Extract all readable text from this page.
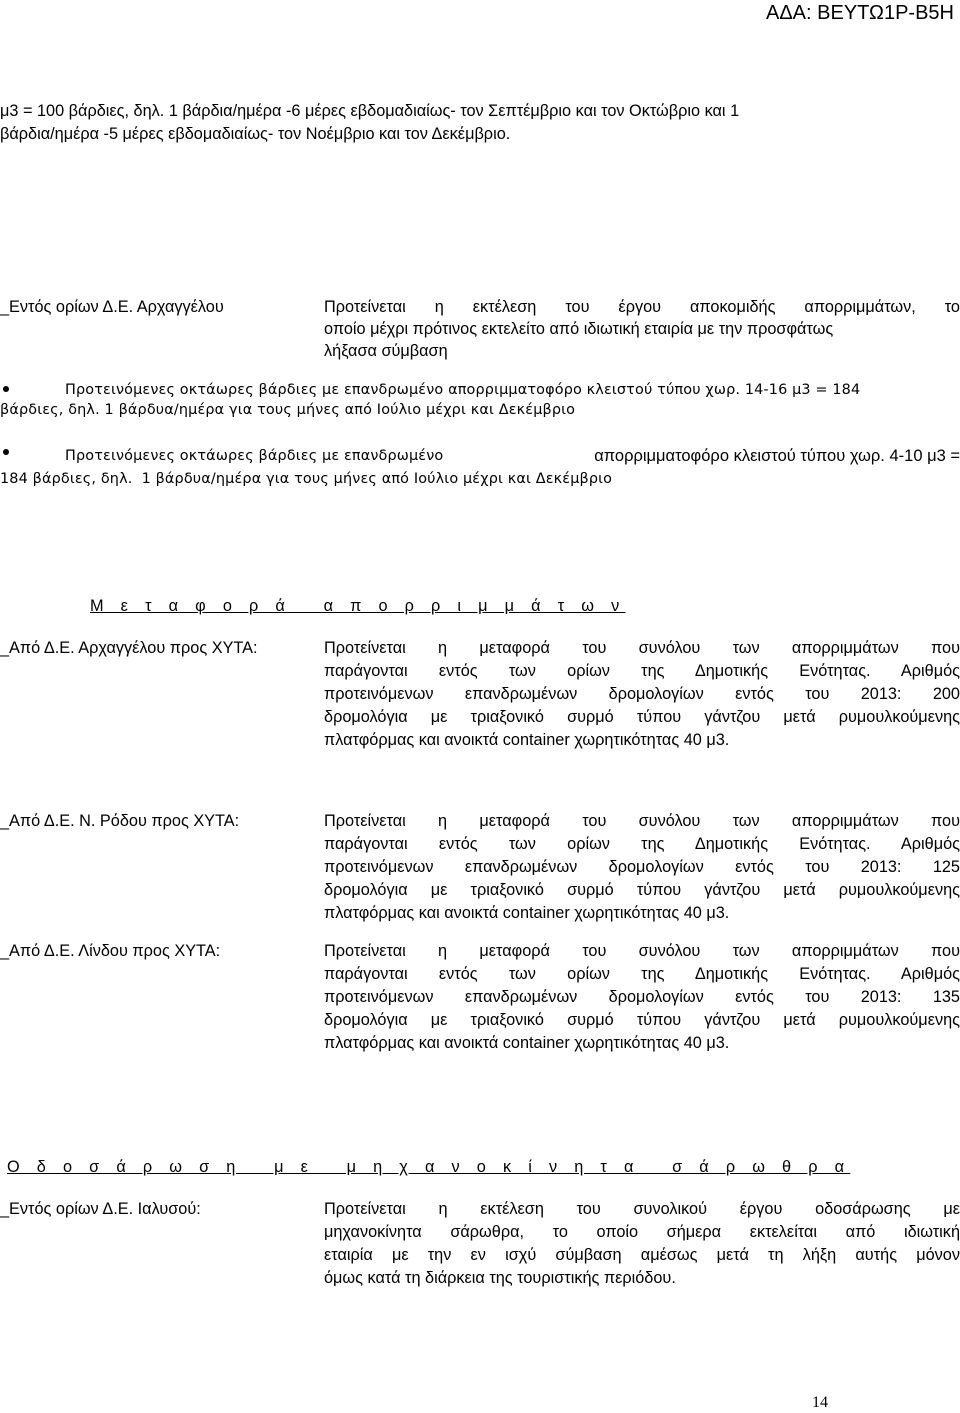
ΑΔΑ: ΒΕΥΤΩ1Ρ-Β5Η
μ3 = 100 βάρδιες, δηλ. 1 βάρδια/ημέρα -6 μέρες εβδομαδιαίως- τον Σεπτέμβριο και τον Οκτώβριο και 1
βάρδια/ημέρα -5 μέρες εβδομαδιαίως- τον Νοέμβριο και τον Δεκέμβριο.
_Εντός ορίων Δ.Ε. Αρχαγγέλου	Προτείνεται η εκτέλεση του έργου αποκομιδής απορριμμάτων, το
οποίο μέχρι πρότινος εκτελείτο από ιδιωτική εταιρία με την προσφάτως
λήξασα σύμβαση
Προτεινόμενες οκτάωρες βάρδιες με επανδρωμένο απορριμματοφόρο κλειστού τύπου χωρ. 14-16 μ3 = 184
βάρδιες, δηλ. 1 βάρδυα/ημέρα για τους μήνες από Ιούλιο μέχρι και Δεκέμβριο
Προτεινόμενες οκτάωρες βάρδιες με επανδρωμένο	απορριμματοφόρο κλειστού τύπου χωρ. 4-10 μ3 =
184 βάρδιες, δηλ. 1 βάρδυα/ημέρα για τους μήνες από Ιούλιο μέχρι και Δεκέμβριο
Μ ε τ α φ ο ρ ά   α π ο ρ ρ ι μ μ ά τ ω ν
_Από Δ.Ε. Αρχαγγέλου προς ΧΥΤΑ:	Προτείνεται η μεταφορά του συνόλου των απορριμμάτων που
παράγονται εντός των ορίων της Δημοτικής Ενότητας. Αριθμός
προτεινόμενων επανδρωμένων δρομολογίων εντός του 2013: 200
δρομολόγια με τριαξονικό συρμό τύπου γάντζου μετά ρυμουλκούμενης
πλατφόρμας και ανοικτά container χωρητικότητας 40 μ3.
_Από Δ.Ε. Ν. Ρόδου προς ΧΥΤΑ:	Προτείνεται η μεταφορά του συνόλου των απορριμμάτων που
παράγονται εντός των ορίων της Δημοτικής Ενότητας. Αριθμός
προτεινόμενων επανδρωμένων δρομολογίων εντός του 2013: 125
δρομολόγια με τριαξονικό συρμό τύπου γάντζου μετά ρυμουλκούμενης
πλατφόρμας και ανοικτά container χωρητικότητας 40 μ3.
_Από Δ.Ε. Λίνδου προς ΧΥΤΑ:	Προτείνεται η μεταφορά του συνόλου των απορριμμάτων που
παράγονται εντός των ορίων της Δημοτικής Ενότητας. Αριθμός
προτεινόμενων επανδρωμένων δρομολογίων εντός του 2013: 135
δρομολόγια με τριαξονικό συρμό τύπου γάντζου μετά ρυμουλκούμενης
πλατφόρμας και ανοικτά container χωρητικότητας 40 μ3.
Ο δ ο σ ά ρ ω σ η   μ ε   μ η χ α ν ο κ ί ν η τ α   σ ά ρ ω θ ρ α
_Εντός ορίων Δ.Ε. Ιαλυσού:	Προτείνεται η εκτέλεση του συνολικού έργου οδοσάρωσης με
μηχανοκίνητα σάρωθρα, το οποίο σήμερα εκτελείται από ιδιωτική
εταιρία με την εν ισχύ σύμβαση αμέσως μετά τη λήξη αυτής μόνον
όμως κατά τη διάρκεια της τουριστικής περιόδου.
14
